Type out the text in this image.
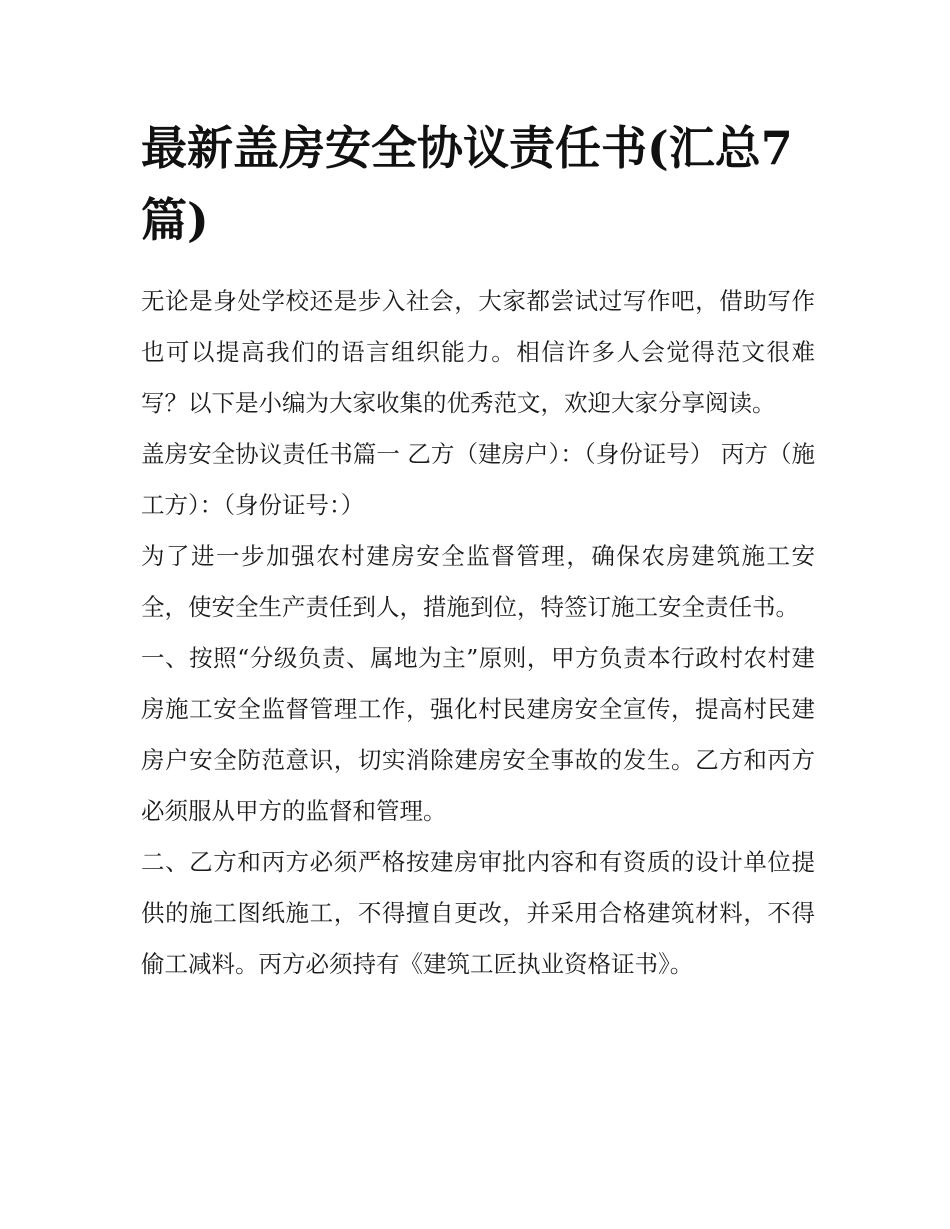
最新盖房安全协议责任书(汇总7篇)

无论是身处学校还是步入社会，大家都尝试过写作吧，借助写作也可以提高我们的语言组织能力。相信许多人会觉得范文很难写？以下是小编为大家收集的优秀范文，欢迎大家分享阅读。

盖房安全协议责任书篇一 乙方（建房户）：（身份证号） 丙方（施工方）：（身份证号：）

为了进一步加强农村建房安全监督管理，确保农房建筑施工安全，使安全生产责任到人，措施到位，特签订施工安全责任书。

一、按照“分级负责、属地为主”原则，甲方负责本行政村农村建房施工安全监督管理工作，强化村民建房安全宣传，提高村民建房户安全防范意识，切实消除建房安全事故的发生。乙方和丙方必须服从甲方的监督和管理。

二、乙方和丙方必须严格按建房审批内容和有资质的设计单位提供的施工图纸施工，不得擅自更改，并采用合格建筑材料，不得偷工减料。丙方必须持有《建筑工匠执业资格证书》。
